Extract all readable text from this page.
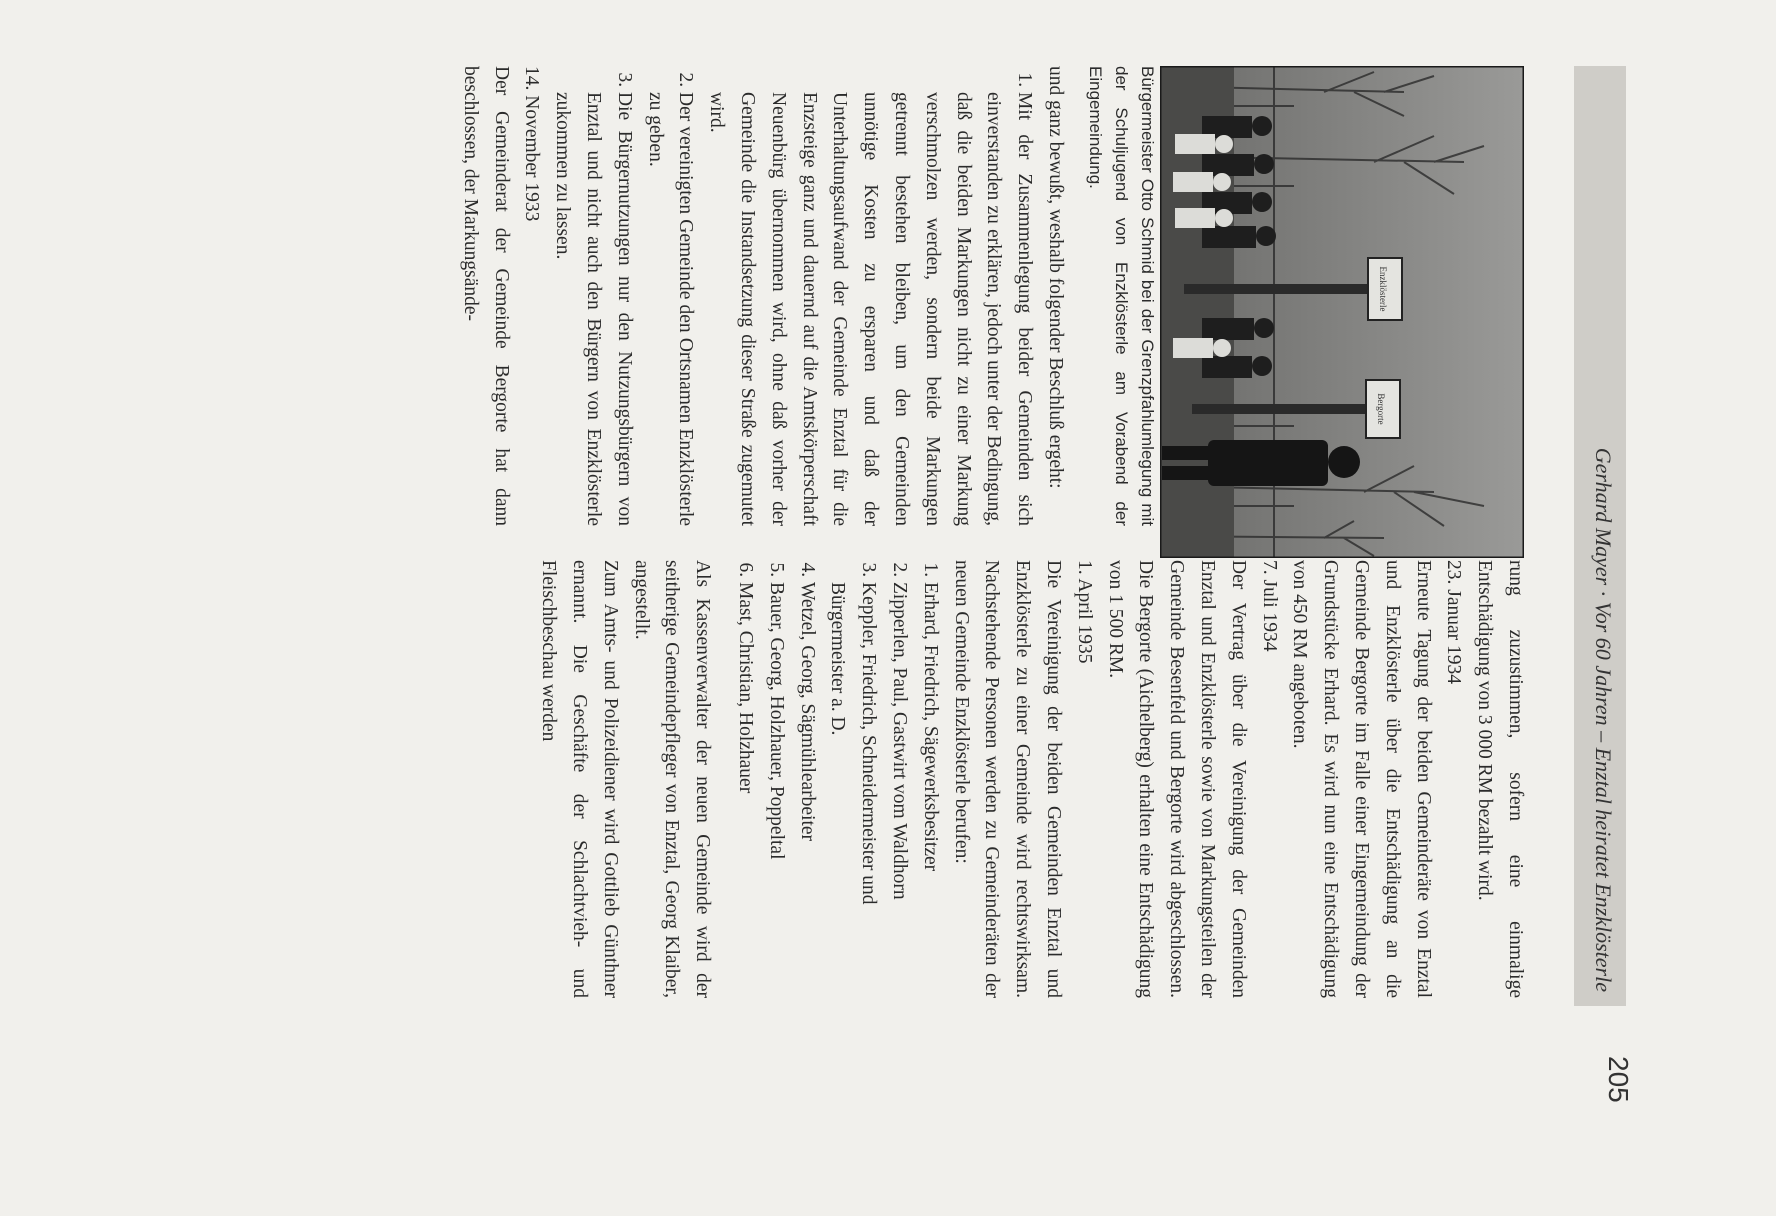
Gerhard Mayer · Vor 60 Jahren – Enztal heiratet Enzklösterle
205
Enzklösterle
Bergorte
Bürgermeister Otto Schmid bei der Grenzpfahlumlegung mit der Schuljugend von Enzklösterle am Vorabend der Eingemeindung.

und ganz bewußt, weshalb folgender Beschluß ergeht:

1. Mit der Zusammenlegung beider Gemeinden sich einverstanden zu erklären, jedoch unter der Bedingung, daß die beiden Markungen nicht zu einer Markung verschmolzen werden, sondern beide Markungen getrennt bestehen bleiben, um den Gemeinden unnötige Kosten zu ersparen und daß der Unterhaltungsaufwand der Gemeinde Enztal für die Enzsteige ganz und dauernd auf die Amtskörperschaft Neuenbürg übernommen wird, ohne daß vorher der Gemeinde die Instandsetzung dieser Straße zugemutet wird.
2. Der vereinigten Gemeinde den Ortsnamen Enzklösterle zu geben.
3. Die Bürgernutzungen nur den Nutzungsbürgern von Enztal und nicht auch den Bürgern von Enzklösterle zukommen zu lassen.

14. November 1933

Der Gemeinderat der Gemeinde Bergorte hat dann beschlossen, der Markungsände-

rung zuzustimmen, sofern eine einmalige Entschädigung von 3 000 RM bezahlt wird.

23. Januar 1934

Erneute Tagung der beiden Gemeinderäte von Enztal und Enzklösterle über die Entschädigung an die Gemeinde Bergorte im Falle einer Eingemeindung der Grundstücke Erhard. Es wird nun eine Entschädigung von 450 RM angeboten.

7. Juli 1934

Der Vertrag über die Vereinigung der Gemeinden Enztal und Enzklösterle sowie von Markungsteilen der Gemeinde Besenfeld und Bergorte wird abgeschlossen. Die Bergorte (Aichelberg) erhalten eine Entschädigung von 1 500 RM.

1. April 1935

Die Vereinigung der beiden Gemeinden Enztal und Enzklösterle zu einer Gemeinde wird rechtswirksam. Nachstehende Personen werden zu Gemeinderäten der neuen Gemeinde Enzklösterle berufen:

1. Erhard, Friedrich, Sägewerksbesitzer
2. Zipperlen, Paul, Gastwirt vom Waldhorn
3. Keppler, Friedrich, Schneidermeister und Bürgermeister a. D.
4. Wetzel, Georg, Sägmühlearbeiter
5. Bauer, Georg, Holzhauer, Poppeltal
6. Mast, Christian, Holzhauer

Als Kassenverwalter der neuen Gemeinde wird der seitherige Gemeindepfleger von Enztal, Georg Klaiber, angestellt.

Zum Amts- und Polizeidiener wird Gottlieb Günthner ernannt. Die Geschäfte der Schlachtvieh- und Fleischbeschau werden
